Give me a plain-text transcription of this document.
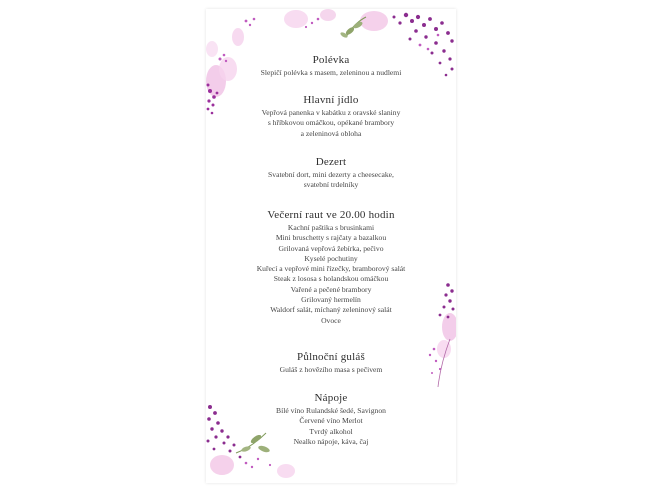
Polévka
Slepičí polévka s masem, zeleninou a nudlemi
Hlavní jídlo
Vepřová panenka v kabátku z oravské slaniny
s hříbkovou omáčkou, opékané brambory
a zeleninová obloha
Dezert
Svatební dort, mini dezerty a cheesecake,
svatební trdelníky
Večerní raut ve 20.00 hodin
Kachní paštika s brusinkami
Mini bruschetty s rajčaty a bazalkou
Grilovaná vepřová žebírka, pečivo
Kyselé pochutiny
Kuřecí a vepřové mini řízečky, bramborový salát
Steak z lososa s holandskou omáčkou
Vařené a pečené brambory
Grilovaný hermelín
Waldorf salát, míchaný zeleninový salát
Ovoce
Půlnoční guláš
Guláš z hovězího masa s pečivem
Nápoje
Bílé víno Rulandské šedé, Savignon
Červené víno Merlot
Tvrdý alkohol
Nealko nápoje, káva, čaj
